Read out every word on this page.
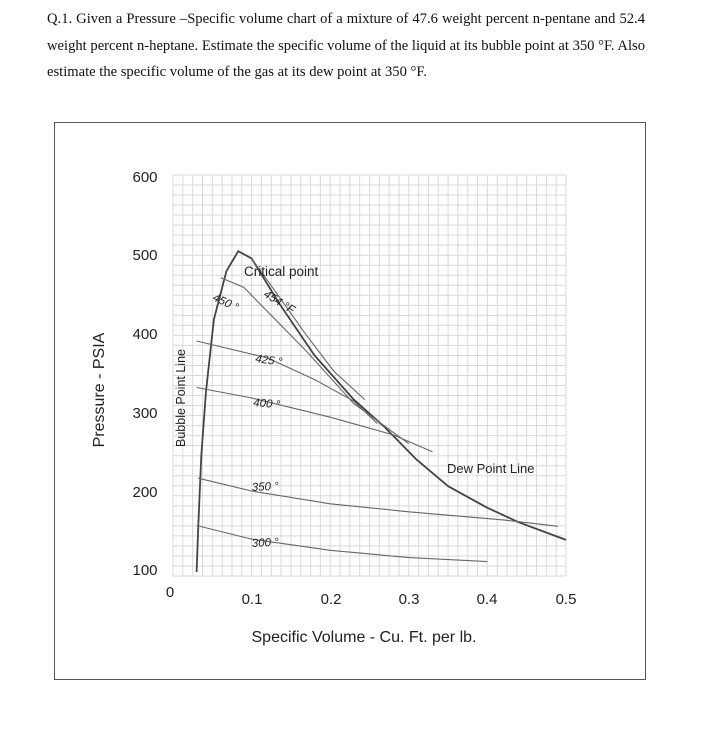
Q.1. Given a Pressure –Specific volume chart of a mixture of 47.6 weight percent n-pentane and 52.4 weight percent n-heptane. Estimate the specific volume of the liquid at its bubble point at 350 °F. Also estimate the specific volume of the gas at its dew point at 350 °F.
600
500
400
300
200
100
0	0.1	0.2	0.3	0.4	0.5
Specific Volume - Cu. Ft. per lb.
Pressure - PSIA	Bubble Point Line
Dew Point Line
Critical point
454 °F
450 °
425 °
400 °
350 °
300 °
